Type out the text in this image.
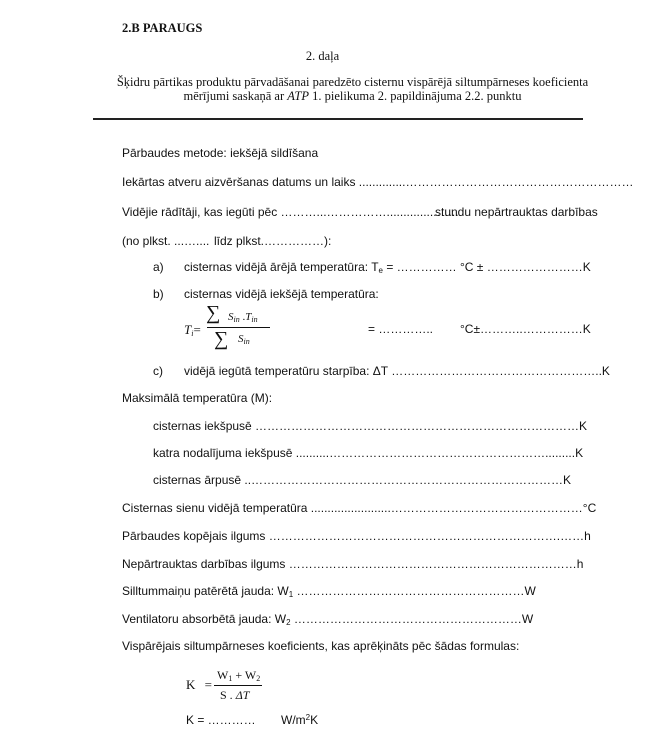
2.B PARAUGS
2. daļa
Šķidru pārtikas produktu pārvadāšanai paredzēto cisternu vispārējā siltumpārneses koeficienta
mērījumi saskaņā ar ATP 1. pielikuma 2. papildinājuma 2.2. punktu
Pārbaudes metode: iekšējā sildīšana
Iekārtas atveru aizvēršanas datums un laiks ..............…………………………………………………
Vidējie rādītāji, kas iegūti pēc ………...……………...............…...
stundu nepārtrauktas darbības
(no plkst. ...….... līdz plkst.……………):
a) cisternas vidējā ārējā temperatūra: Te = …………… °C ± ……………………K
b) cisternas vidējā iekšējā temperatūra:
Ti=
∑ Sin .Tin
∑ Sin
= ………….. °C±………..……………K
c) vidējā iegūtā temperatūru starpība: ΔT ……………………………………………..K
Maksimālā temperatūra (M):
cisternas iekšpusē ………………………………………………………………………K
katra nodalījuma iekšpusē ..........……………………………………………….........K
cisternas ārpusē ..……………………………………………………………………K
Cisternas sienu vidējā temperatūra ........................…………………………………………°C
Pārbaudes kopējais ilgums ……………………………………………………………….……h
Nepārtrauktas darbības ilgums ………………………………………………………………h
Silltummaiņu patērētā jauda: W1 …………………………………………………W
Ventilatoru absorbētā jauda: W2 …………………………………………………W
Vispārējais siltumpārneses koeficients, kas aprēķināts pēc šādas formulas:
K =
W1 + W2
S . ΔT
K = ………… $W/m^2K$
